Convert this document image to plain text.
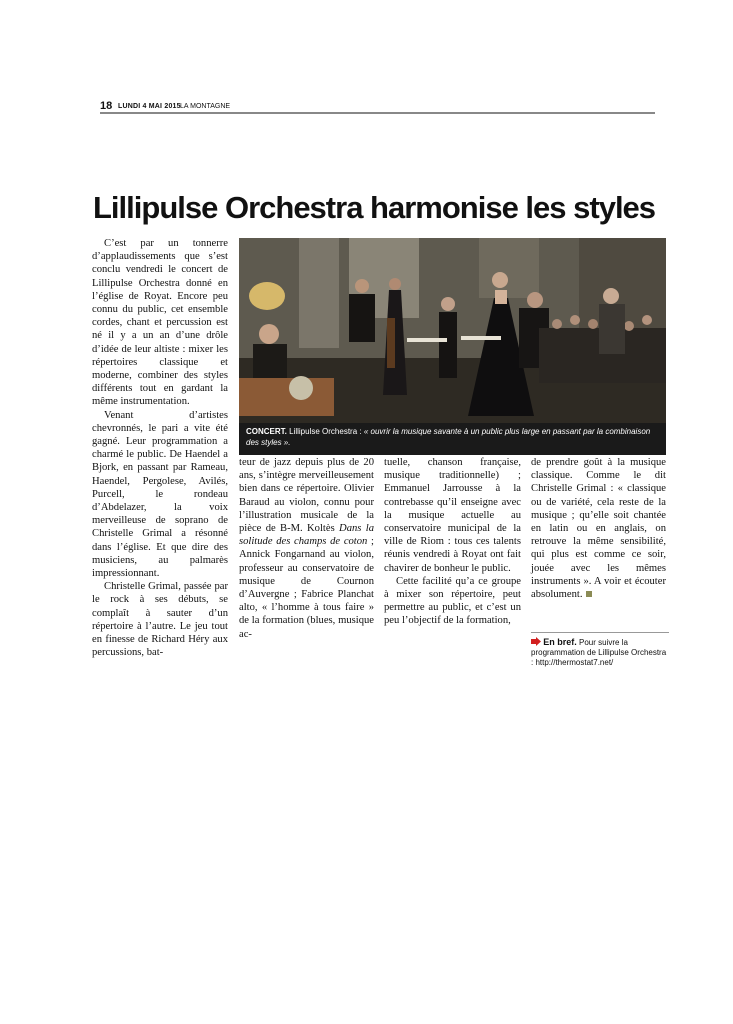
18 LUNDI 4 MAI 2015 LA MONTAGNE
Lillipulse Orchestra harmonise les styles

C’est par un tonnerre d’applaudissements que s’est conclu vendredi le concert de Lillipulse Orchestra donné en l’église de Royat. Encore peu connu du public, cet ensemble cordes, chant et percussion est né il y a un an d’une drôle d’idée de leur altiste : mixer les répertoires classique et moderne, combiner des styles différents tout en gardant la même instrumentation.

Venant d’artistes chevronnés, le pari a vite été gagné. Leur programmation a charmé le public. De Haendel a Bjork, en passant par Rameau, Haendel, Pergolese, Avilés, Purcell, le rondeau d’Abdelazer, la voix merveilleuse de soprano de Christelle Grimal a résonné dans l’église. Et que dire des musiciens, au palmarès impressionnant.

Christelle Grimal, passée par le rock à ses débuts, se complaît à sauter d’un répertoire à l’autre. Le jeu tout en finesse de Richard Héry aux percussions, bat-

CONCERT. Lillipulse Orchestra : « ouvrir la musique savante à un public plus large en passant par la combinaison des styles ».

teur de jazz depuis plus de 20 ans, s’intègre merveilleusement bien dans ce répertoire. Olivier Baraud au violon, connu pour l’illustration musicale de la pièce de B-M. Koltès Dans la solitude des champs de coton ; Annick Fongarnand au violon, professeur au conservatoire de musique de Cournon d’Auvergne ; Fabrice Planchat alto, « l’homme à tous faire » de la formation (blues, musique ac-

tuelle, chanson française, musique traditionnelle) ; Emmanuel Jarrousse à la contrebasse qu’il enseigne avec la musique actuelle au conservatoire municipal de la ville de Riom : tous ces talents réunis vendredi à Royat ont fait chavirer de bonheur le public.

Cette facilité qu’a ce groupe à mixer son répertoire, peut permettre au public, et c’est un peu l’objectif de la formation,

de prendre goût à la musique classique. Comme le dit Christelle Grimal : « classique ou de variété, cela reste de la musique ; qu’elle soit chantée en latin ou en anglais, on retrouve la même sensibilité, qui plus est comme ce soir, jouée avec les mêmes instruments ». A voir et écouter absolument.

En bref. Pour suivre la programmation de Lillipulse Orchestra : http://thermostat7.net/
